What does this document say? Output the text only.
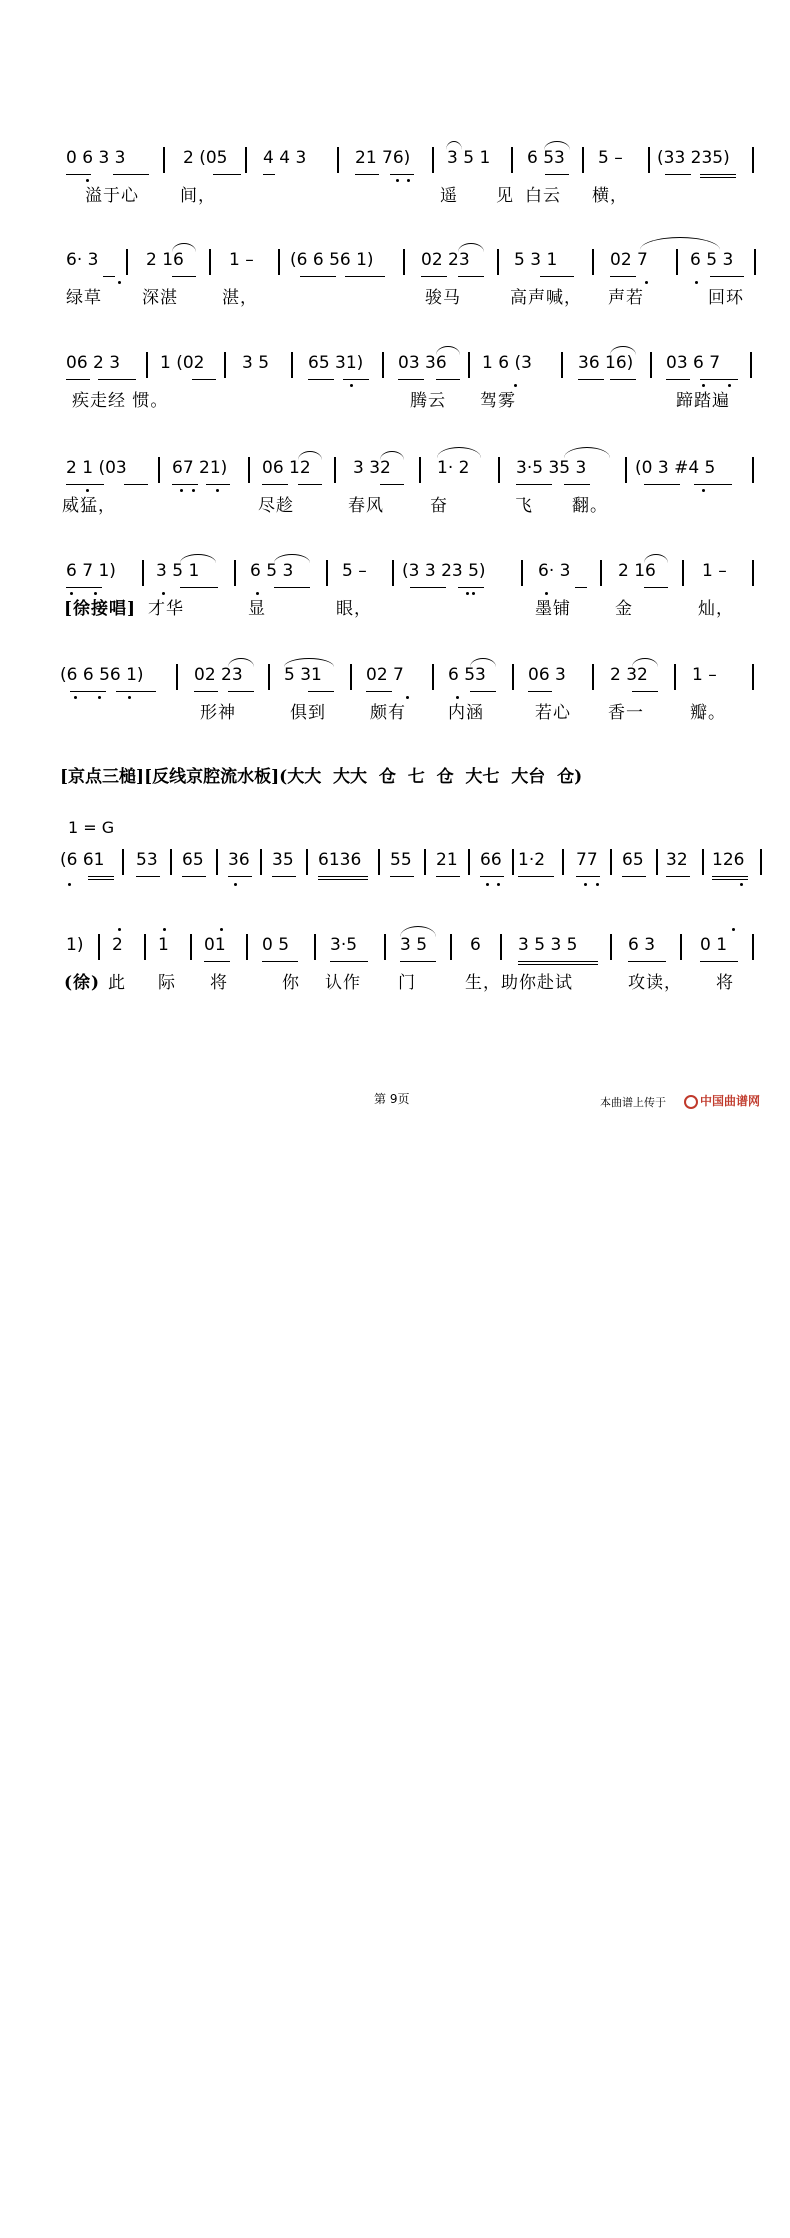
0 6 3 3

	2 (05

4 4 3

	21 76)

3 5 1

6 53

5 –

(33 235)

溢于心

间，

	遥

见

白云

横，

6· 3

	2 16

	1 –

(6 6 56 1)

	02 23

	5 3 1

	02 7

6 5 3

绿草

深湛

	湛，

	骏马

	高声喊，

声若

	回环

06 2 3

1 (02

3 5

65 31)

03 36

1 6 (3

	36 16)

03 6 7

疾走经 惯。

	腾云

驾雾

	蹄踏遍

2 1 (03

	67 21)

06 12

3 32

	1· 2

	3·5 35 3

	(0 3 #4 5

威猛，

	尽趁

	春风

	奋

	飞

翻。

6 7 1)

3 5 1

	6 5 3

	5 –

(3 3 23 5)

	6· 3

	2 16

	1 –

[徐接唱]

才华

	显

	眼，

	墨铺

	金

	灿，

(6 6 56 1)

	02 23

5 31

	02 7

	6 53

06 3

	2 32

	1 –

形神

	俱到

	颇有

内涵

	若心

香一

	瓣。

[京点三槌][反线京腔流水板](大大  大大  仓  七  仓  大七  大台  仓)
1 = G

(6 61

53

65

36

35

6136

55

21

66

1·2

77

65

32

126

1)

2

1

01

0 5

3·5

	3 5

	6

3 5 3 5

	6 3

	0 1

(徐)

此

际

将

	你

认作

门

	生，助你赴试

	攻读，

将

第 9页	本曲谱上传于	中国曲谱网
